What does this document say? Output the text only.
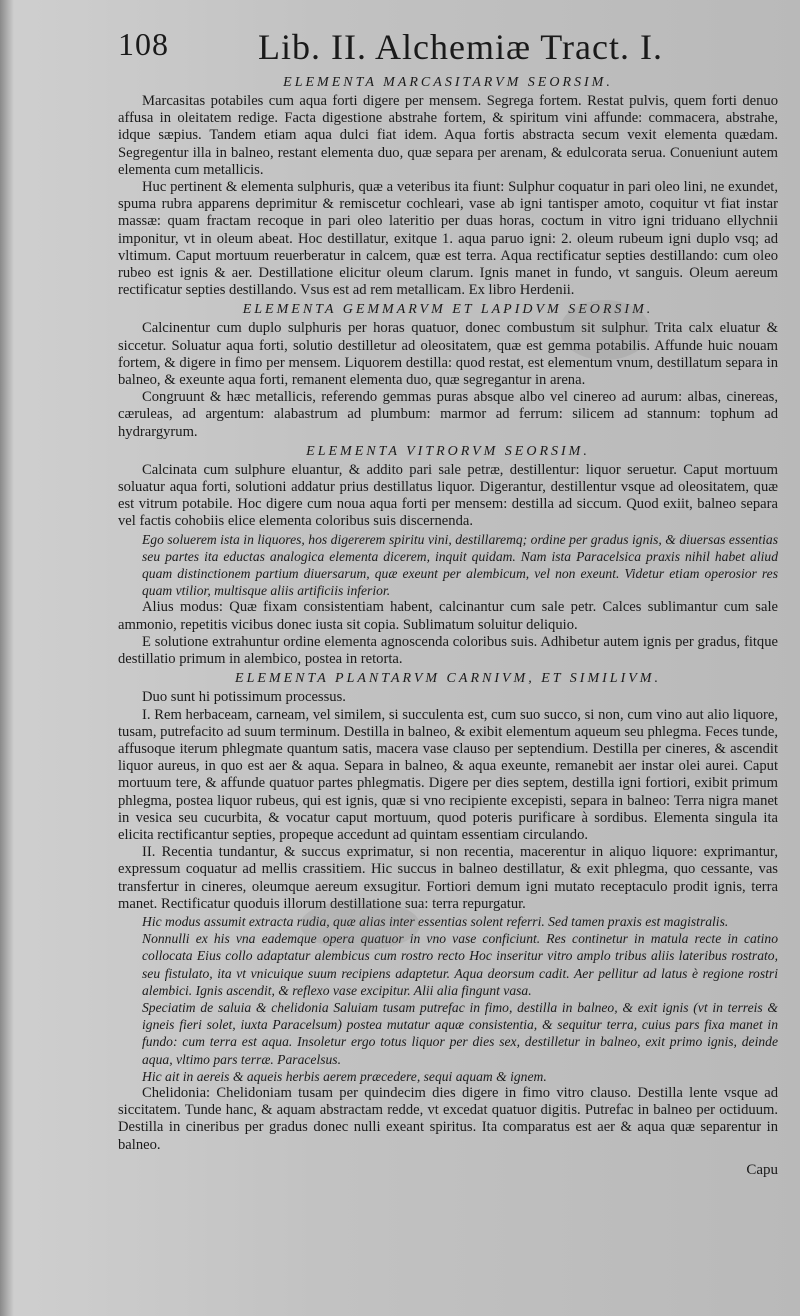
108 Lib. II. Alchemiæ Tract. I.
ELEMENTA MARCASITARVM SEORSIM.

Marcasitas potabiles cum aqua forti digere per mensem. Segrega fortem. Restat pulvis, quem forti denuo affusa in oleitatem redige. Facta digestione abstrahe fortem, & spiritum vini affunde: commacera, abstrahe, idque sæpius. Tandem etiam aqua dulci fiat idem. Aqua fortis abstracta secum vexit elementa quædam. Segregentur illa in balneo, restant elementa duo, quæ separa per arenam, & edulcorata serua. Conueniunt autem elementa cum metallicis.

Huc pertinent & elementa sulphuris, quæ a veteribus ita fiunt: Sulphur coquatur in pari oleo lini, ne exundet, spuma rubra apparens deprimitur & remiscetur cochleari, vase ab igni tantisper amoto, coquitur vt fiat instar massæ: quam fractam recoque in pari oleo lateritio per duas horas, coctum in vitro igni triduano ellychnii imponitur, vt in oleum abeat. Hoc destillatur, exitque 1. aqua paruo igni: 2. oleum rubeum igni duplo vsq; ad vltimum. Caput mortuum reuerberatur in calcem, quæ est terra. Aqua rectificatur septies destillando: cum oleo rubeo est ignis & aer. Destillatione elicitur oleum clarum. Ignis manet in fundo, vt sanguis. Oleum aereum rectificatur septies destillando. Vsus est ad rem metallicam. Ex libro Herdenii.

ELEMENTA GEMMARVM ET LAPIDVM SEORSIM.

Calcinentur cum duplo sulphuris per horas quatuor, donec combustum sit sulphur. Trita calx eluatur & siccetur. Soluatur aqua forti, solutio destilletur ad oleositatem, quæ est gemma potabilis. Affunde huic nouam fortem, & digere in fimo per mensem. Liquorem destilla: quod restat, est elementum vnum, destillatum separa in balneo, & exeunte aqua forti, remanent elementa duo, quæ segregantur in arena.

Congruunt & hæc metallicis, referendo gemmas puras absque albo vel cinereo ad aurum: albas, cinereas, cæruleas, ad argentum: alabastrum ad plumbum: marmor ad ferrum: silicem ad stannum: tophum ad hydrargyrum.

ELEMENTA VITRORVM SEORSIM.

Calcinata cum sulphure eluantur, & addito pari sale petræ, destillentur: liquor seruetur. Caput mortuum soluatur aqua forti, solutioni addatur prius destillatus liquor. Digerantur, destillentur vsque ad oleositatem, quæ est vitrum potabile. Hoc digere cum noua aqua forti per mensem: destilla ad siccum. Quod exiit, balneo separa vel factis cohobiis elice elementa coloribus suis discernenda.

Ego soluerem ista in liquores, hos digererem spiritu vini, destillaremq; ordine per gradus ignis, & diuersas essentias seu partes ita eductas analogica elementa dicerem, inquit quidam. Nam ista Paracelsica praxis nihil habet aliud quam distinctionem partium diuersarum, quæ exeunt per alembicum, vel non exeunt. Videtur etiam operosior res quam vtilior, multisque aliis artificiis inferior.

Alius modus: Quæ fixam consistentiam habent, calcinantur cum sale petr. Calces sublimantur cum sale ammonio, repetitis vicibus donec iusta sit copia. Sublimatum soluitur deliquio.

E solutione extrahuntur ordine elementa agnoscenda coloribus suis. Adhibetur autem ignis per gradus, fitque destillatio primum in alembico, postea in retorta.

ELEMENTA PLANTARVM CARNIVM, ET SIMILIVM.

Duo sunt hi potissimum processus.

I. Rem herbaceam, carneam, vel similem, si succulenta est, cum suo succo, si non, cum vino aut alio liquore, tusam, putrefacito ad suum terminum. Destilla in balneo, & exibit elementum aqueum seu phlegma. Feces tunde, affusoque iterum phlegmate quantum satis, macera vase clauso per septendium. Destilla per cineres, & ascendit liquor aureus, in quo est aer & aqua. Separa in balneo, & aqua exeunte, remanebit aer instar olei aurei. Caput mortuum tere, & affunde quatuor partes phlegmatis. Digere per dies septem, destilla igni fortiori, exibit primum phlegma, postea liquor rubeus, qui est ignis, quæ si vno recipiente excepisti, separa in balneo: Terra nigra manet in vesica seu cucurbita, & vocatur caput mortuum, quod poteris purificare à sordibus. Elementa singula ita elicita rectificantur septies, propeque accedunt ad quintam essentiam circulando.

II. Recentia tundantur, & succus exprimatur, si non recentia, macerentur in aliquo liquore: exprimantur, expressum coquatur ad mellis crassitiem. Hic succus in balneo destillatur, & exit phlegma, quo cessante, vas transfertur in cineres, oleumque aereum exsugitur. Fortiori demum igni mutato receptaculo prodit ignis, terra manet. Rectificatur quoduis illorum destillatione sua: terra repurgatur.

Hic modus assumit extracta rudia, quæ alias inter essentias solent referri. Sed tamen praxis est magistralis.

Nonnulli ex his vna eademque opera quatuor in vno vase conficiunt. Res continetur in matula recte in catino collocata Eius collo adaptatur alembicus cum rostro recto Hoc inseritur vitro amplo tribus aliis lateribus rostrato, seu fistulato, ita vt vnicuique suum recipiens adaptetur. Aqua deorsum cadit. Aer pellitur ad latus è regione rostri alembici. Ignis ascendit, & reflexo vase excipitur. Alii alia fingunt vasa.

Speciatim de saluia & chelidonia Saluiam tusam putrefac in fimo, destilla in balneo, & exit ignis (vt in terreis & igneis fieri solet, iuxta Paracelsum) postea mutatur aquæ consistentia, & sequitur terra, cuius pars fixa manet in fundo: cum terra est aqua. Insoletur ergo totus liquor per dies sex, destilletur in balneo, exit primo ignis, deinde aqua, vltimo pars terræ. Paracelsus.

Hic ait in aereis & aqueis herbis aerem præcedere, sequi aquam & ignem.

Chelidonia: Chelidoniam tusam per quindecim dies digere in fimo vitro clauso. Destilla lente vsque ad siccitatem. Tunde hanc, & aquam abstractam redde, vt excedat quatuor digitis. Putrefac in balneo per octiduum. Destilla in cineribus per gradus donec nulli exeant spiritus. Ita comparatus est aer & aqua quæ separentur in balneo.

Capu
